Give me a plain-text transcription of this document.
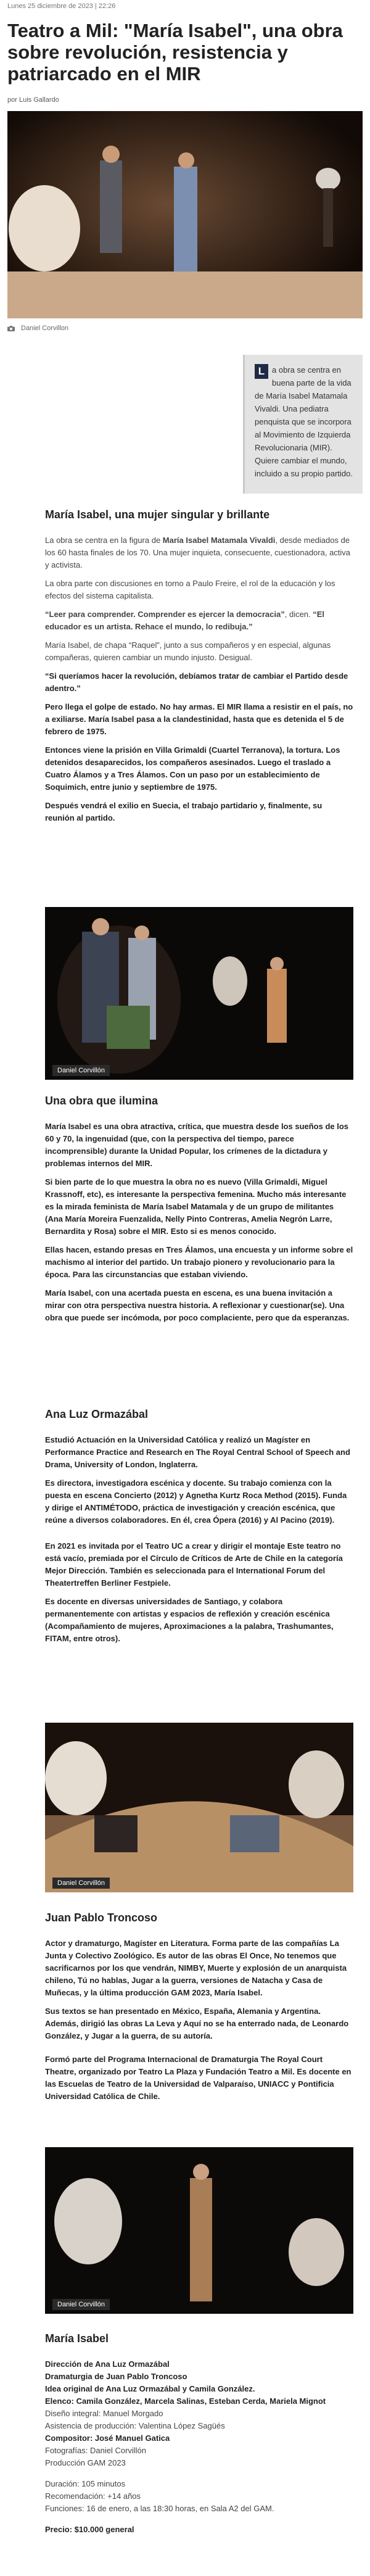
Lunes 25 diciembre de 2023 | 22:26
Teatro a Mil: "María Isabel", una obra sobre revolución, resistencia y patriarcado en el MIR
por Luis Gallardo
Daniel Corvillon

L a obra se centra en buena parte de la vida de María Isabel Matamala Vivaldi. Una pediatra penquista que se incorpora al Movimiento de Izquierda Revolucionaria (MIR). Quiere cambiar el mundo, incluido a su propio partido.

María Isabel, una mujer singular y brillante

La obra se centra en la figura de María Isabel Matamala Vivaldi, desde mediados de los 60 hasta finales de los 70. Una mujer inquieta, consecuente, cuestionadora, activa y activista.

La obra parte con discusiones en torno a Paulo Freire, el rol de la educación y los efectos del sistema capitalista.

“Leer para comprender. Comprender es ejercer la democracia”, dicen. “El educador es un artista. Rehace el mundo, lo redibuja.”

María Isabel, de chapa “Raquel”, junto a sus compañeros y en especial, algunas compañeras, quieren cambiar un mundo injusto. Desigual.

“Si queríamos hacer la revolución, debíamos tratar de cambiar el Partido desde adentro.”

Pero llega el golpe de estado. No hay armas. El MIR llama a resistir en el país, no a exiliarse. María Isabel pasa a la clandestinidad, hasta que es detenida el 5 de febrero de 1975.

Entonces viene la prisión en Villa Grimaldi (Cuartel Terranova), la tortura. Los detenidos desaparecidos, los compañeros asesinados. Luego el traslado a Cuatro Álamos y a Tres Álamos. Con un paso por un establecimiento de Soquimich, entre junio y septiembre de 1975.

Después vendrá el exilio en Suecia, el trabajo partidario y, finalmente, su reunión al partido.

Daniel Corvillón
Una obra que ilumina

María Isabel es una obra atractiva, crítica, que muestra desde los sueños de los 60 y 70, la ingenuidad (que, con la perspectiva del tiempo, parece incomprensible) durante la Unidad Popular, los crímenes de la dictadura y problemas internos del MIR.

Si bien parte de lo que muestra la obra no es nuevo (Villa Grimaldi, Miguel Krassnoff, etc), es interesante la perspectiva femenina. Mucho más interesante es la mirada feminista de María Isabel Matamala y de un grupo de militantes (Ana María Moreira Fuenzalida, Nelly Pinto Contreras, Amelia Negrón Larre, Bernardita y Rosa) sobre el MIR. Esto si es menos conocido.

Ellas hacen, estando presas en Tres Álamos, una encuesta y un informe sobre el machismo al interior del partido. Un trabajo pionero y revolucionario para la época. Para las circunstancias que estaban viviendo.

María Isabel, con una acertada puesta en escena, es una buena invitación a mirar con otra perspectiva nuestra historia. A reflexionar y cuestionar(se). Una obra que puede ser incómoda, por poco complaciente, pero que da esperanzas.

Ana Luz Ormazábal

Estudió Actuación en la Universidad Católica y realizó un Magíster en Performance Practice and Research en The Royal Central School of Speech and Drama, University of London, Inglaterra.

Es directora, investigadora escénica y docente. Su trabajo comienza con la puesta en escena Concierto (2012) y Agnetha Kurtz Roca Method (2015). Funda y dirige el ANTIMÉTODO, práctica de investigación y creación escénica, que reúne a diversos colaboradores. En él, crea Ópera (2016) y Al Pacino (2019).

En 2021 es invitada por el Teatro UC a crear y dirigir el montaje Este teatro no está vacío, premiada por el Círculo de Críticos de Arte de Chile en la categoría Mejor Dirección. También es seleccionada para el International Forum del Theatertreffen Berliner Festpiele.

Es docente en diversas universidades de Santiago, y colabora permanentemente con artistas y espacios de reflexión y creación escénica (Acompañamiento de mujeres, Aproximaciones a la palabra, Trashumantes, FITAM, entre otros).

Daniel Corvillón
Juan Pablo Troncoso

Actor y dramaturgo, Magíster en Literatura. Forma parte de las compañías La Junta y Colectivo Zoológico. Es autor de las obras El Once, No tenemos que sacrificarnos por los que vendrán, NIMBY, Muerte y explosión de un anarquista chileno, Tú no hablas, Jugar a la guerra, versiones de Natacha y Casa de Muñecas, y la última producción GAM 2023, María Isabel.

Sus textos se han presentado en México, España, Alemania y Argentina. Además, dirigió las obras La Leva y Aquí no se ha enterrado nada, de Leonardo González, y Jugar a la guerra, de su autoría.

Formó parte del Programa Internacional de Dramaturgia The Royal Court Theatre, organizado por Teatro La Plaza y Fundación Teatro a Mil. Es docente en las Escuelas de Teatro de la Universidad de Valparaíso, UNIACC y Pontificia Universidad Católica de Chile.

Daniel Corvillón
María Isabel

Dirección de Ana Luz Ormazábal

Dramaturgia de Juan Pablo Troncoso

Idea original de Ana Luz Ormazábal y Camila González.

Elenco: Camila González, Marcela Salinas, Esteban Cerda, Mariela Mignot

Diseño integral: Manuel Morgado

Asistencia de producción: Valentina López Sagüés

Compositor: José Manuel Gatica

Fotografías: Daniel Corvillón

Producción GAM 2023

Duración: 105 minutos

Recomendación: +14 años

Funciones: 16 de enero, a las 18:30 horas, en Sala A2 del GAM.

Precio: $10.000 general
